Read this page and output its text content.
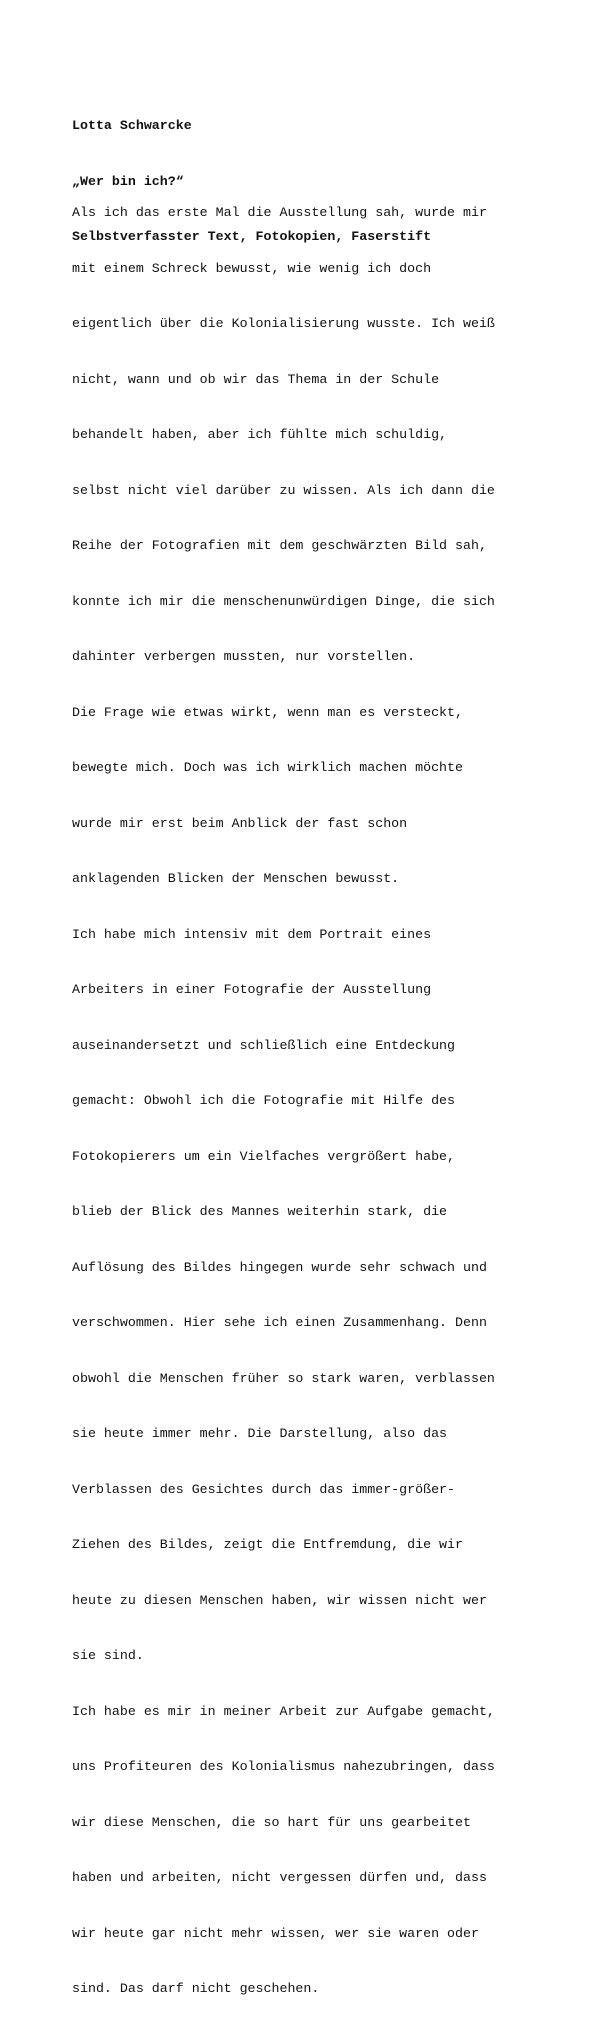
Lotta Schwarcke

„Wer bin ich?“

Selbstverfasster Text, Fotokopien, Faserstift

Als ich das erste Mal die Ausstellung sah, wurde mir

mit einem Schreck bewusst, wie wenig ich doch

eigentlich über die Kolonialisierung wusste. Ich weiß

nicht, wann und ob wir das Thema in der Schule

behandelt haben, aber ich fühlte mich schuldig,

selbst nicht viel darüber zu wissen. Als ich dann die

Reihe der Fotografien mit dem geschwärzten Bild sah,

konnte ich mir die menschenunwürdigen Dinge, die sich

dahinter verbergen mussten, nur vorstellen.

Die Frage wie etwas wirkt, wenn man es versteckt,

bewegte mich. Doch was ich wirklich machen möchte

wurde mir erst beim Anblick der fast schon

anklagenden Blicken der Menschen bewusst.

Ich habe mich intensiv mit dem Portrait eines

Arbeiters in einer Fotografie der Ausstellung

auseinandersetzt und schließlich eine Entdeckung

gemacht: Obwohl ich die Fotografie mit Hilfe des

Fotokopierers um ein Vielfaches vergrößert habe,

blieb der Blick des Mannes weiterhin stark, die

Auflösung des Bildes hingegen wurde sehr schwach und

verschwommen. Hier sehe ich einen Zusammenhang. Denn

obwohl die Menschen früher so stark waren, verblassen

sie heute immer mehr. Die Darstellung, also das

Verblassen des Gesichtes durch das immer-größer-

Ziehen des Bildes, zeigt die Entfremdung, die wir

heute zu diesen Menschen haben, wir wissen nicht wer

sie sind.

Ich habe es mir in meiner Arbeit zur Aufgabe gemacht,

uns Profiteuren des Kolonialismus nahezubringen, dass

wir diese Menschen, die so hart für uns gearbeitet

haben und arbeiten, nicht vergessen dürfen und, dass

wir heute gar nicht mehr wissen, wer sie waren oder

sind. Das darf nicht geschehen.
